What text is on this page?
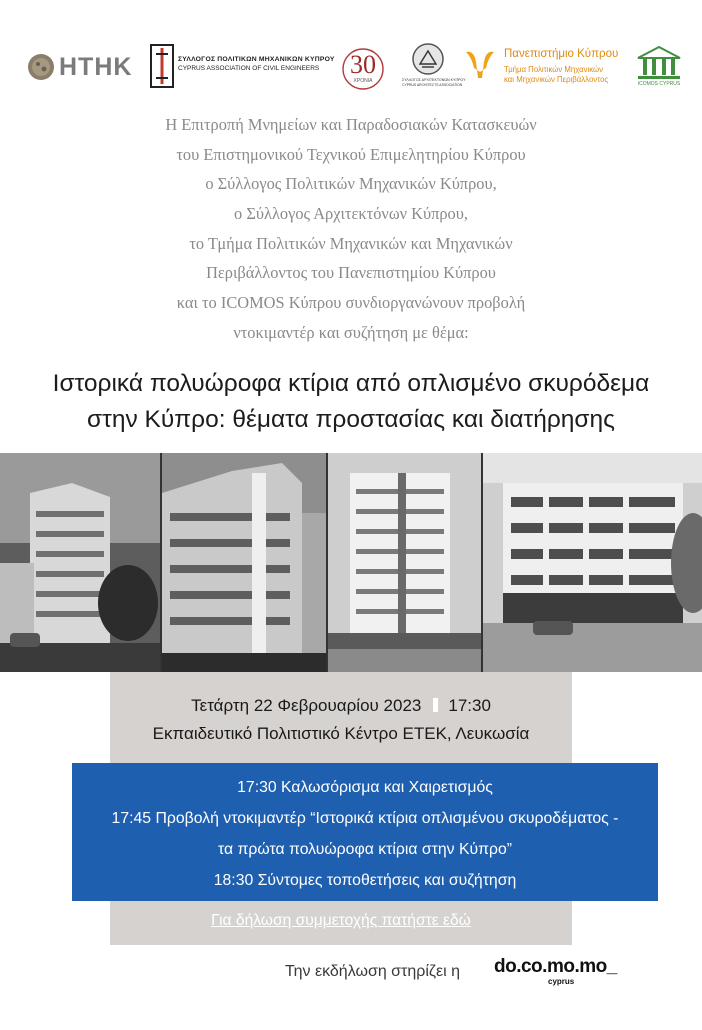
ΗΤΗΚ	ΣΥΛΛΟΓΟΣ ΠΟΛΙΤΙΚΩΝ ΜΗΧΑΝΙΚΩΝ ΚΥΠΡΟΥ
CYPRUS ASSOCIATION OF CIVIL ENGINEERS 30
ΧΡΟΝΙΑ	ΣΥΛΛΟΓΟΣ ΑΡΧΙΤΕΚΤΟΝΩΝ ΚΥΠΡΟΥ
CYPRUS ARCHITECTS ASSOCIATION
Πανεπιστήμιο Κύπρου
Τμήμα Πολιτικών Μηχανικών
και Μηχανικών Περιβάλλοντος	ICOMOS CYPRUS
Η Επιτροπή Μνημείων και Παραδοσιακών Κατασκευών
του Επιστημονικού Τεχνικού Επιμελητηρίου Κύπρου
ο Σύλλογος Πολιτικών Μηχανικών Κύπρου,
ο Σύλλογος Αρχιτεκτόνων Κύπρου,
το Τμήμα Πολιτικών Μηχανικών και Μηχανικών
Περιβάλλοντος του Πανεπιστημίου Κύπρου
και το ICOMOS Κύπρου συνδιοργανώνουν προβολή
ντοκιμαντέρ και συζήτηση με θέμα:
Ιστορικά πολυώροφα κτίρια από οπλισμένο σκυρόδεμα
στην Κύπρο: θέματα προστασίας και διατήρησης
Τετάρτη 22 Φεβρουαρίου 2023 17:30
Εκπαιδευτικό Πολιτιστικό Κέντρο ΕΤΕΚ, Λευκωσία
17:30 Καλωσόρισμα και Χαιρετισμός
17:45 Προβολή ντοκιμαντέρ “Ιστορικά κτίρια οπλισμένου σκυροδέματος -
τα πρώτα πολυώροφα κτίρια στην Κύπρο”
18:30 Σύντομες τοποθετήσεις και συζήτηση
Για δήλωση συμμετοχής πατήστε εδώ
Την εκδήλωση στηρίζει η do.co.mo.mo_
cyprus
